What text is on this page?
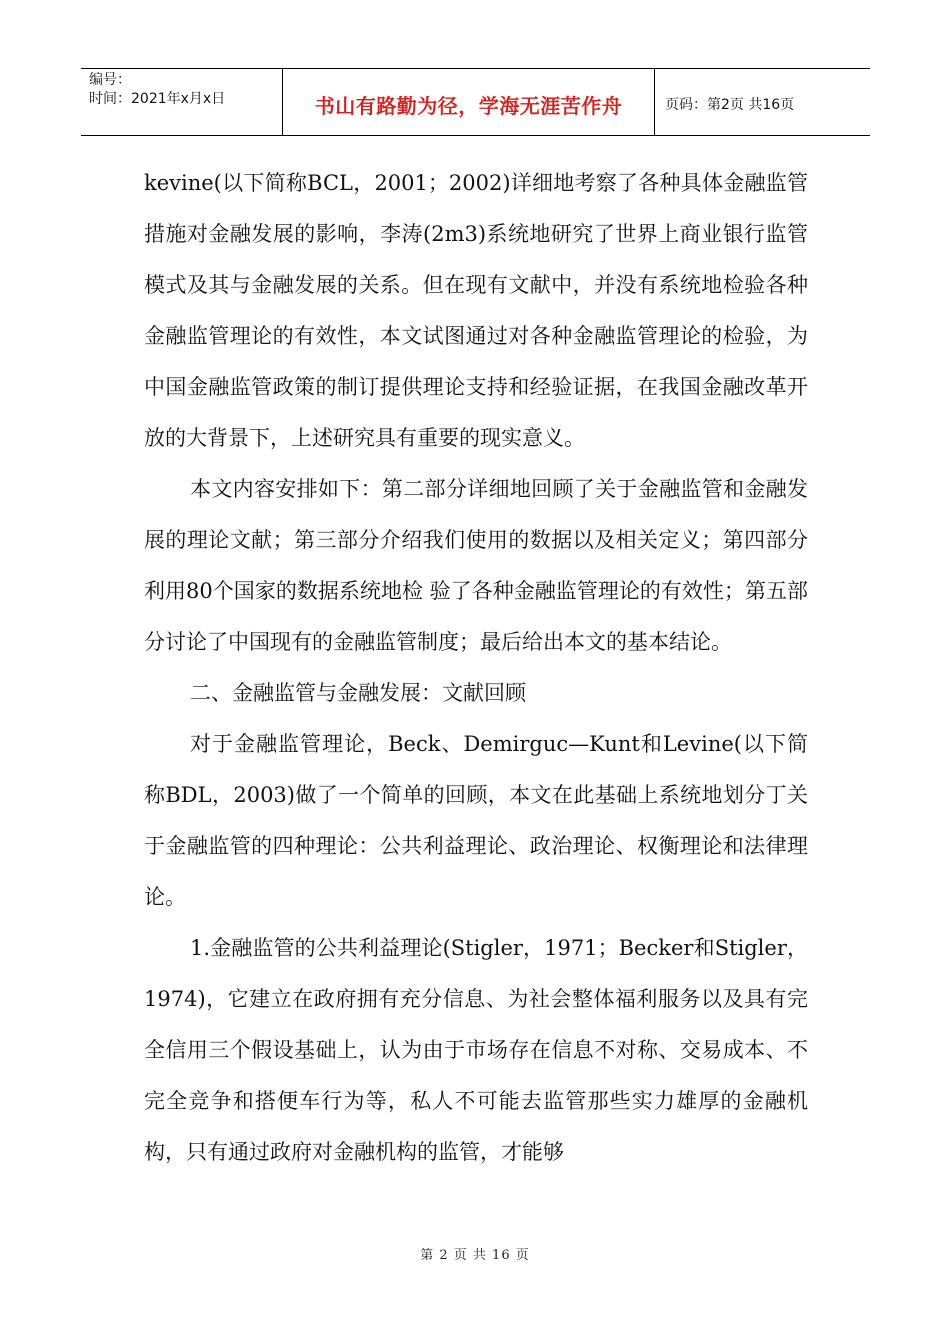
编号：
时间：2021年x月x日	书山有路勤为径，学海无涯苦作舟	页码：第2页 共16页

kevine(以下简称BCL，2001；2002)详细地考察了各种具体金融监管措施对金融发展的影响，李涛(2m3)系统地研究了世界上商业银行监管模式及其与金融发展的关系。但在现有文献中，并没有系统地检验各种金融监管理论的有效性，本文试图通过对各种金融监管理论的检验，为中国金融监管政策的制订提供理论支持和经验证据，在我国金融改革开放的大背景下，上述研究具有重要的现实意义。

本文内容安排如下：第二部分详细地回顾了关于金融监管和金融发展的理论文献；第三部分介绍我们使用的数据以及相关定义；第四部分利用80个国家的数据系统地检 验了各种金融监管理论的有效性；第五部分讨论了中国现有的金融监管制度；最后给出本文的基本结论。

二、金融监管与金融发展：文献回顾

对于金融监管理论，Beck、Demirguc—Kunt和Levine(以下简称BDL，2003)做了一个简单的回顾，本文在此基础上系统地划分丁关于金融监管的四种理论：公共利益理论、政治理论、权衡理论和法律理论。

1.金融监管的公共利益理论(Stigler，1971；Becker和Stigler，1974)，它建立在政府拥有充分信息、为社会整体福利服务以及具有完全信用三个假设基础上，认为由于市场存在信息不对称、交易成本、不完全竞争和搭便车行为等，私人不可能去监管那些实力雄厚的金融机构，只有通过政府对金融机构的监管，才能够

第 2 页 共 16 页
